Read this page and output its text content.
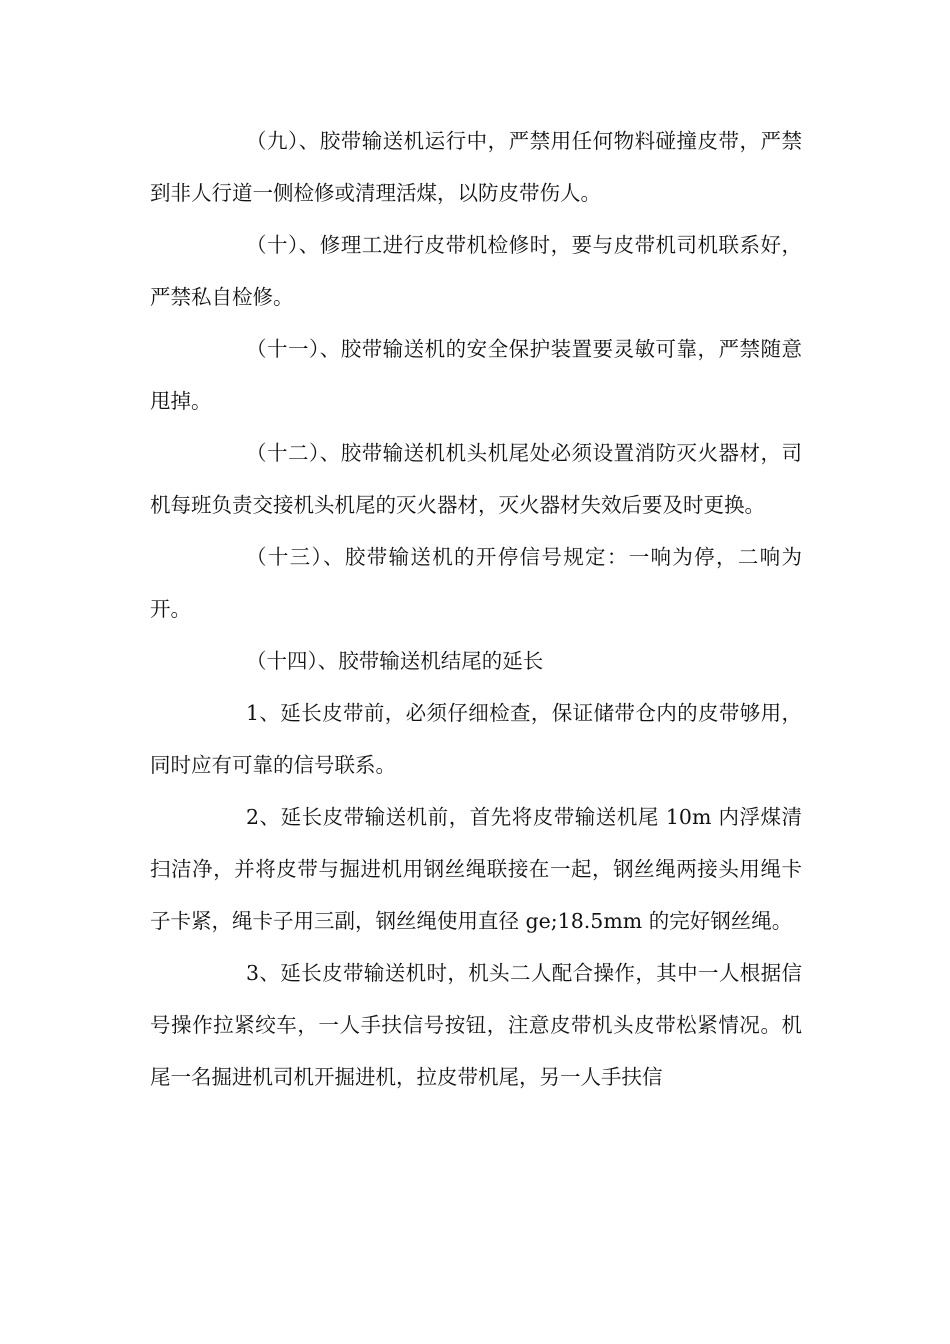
（九）、胶带输送机运行中，严禁用任何物料碰撞皮带，严禁到非人行道一侧检修或清理活煤，以防皮带伤人。

（十）、修理工进行皮带机检修时，要与皮带机司机联系好，严禁私自检修。

（十一）、胶带输送机的安全保护装置要灵敏可靠，严禁随意甩掉。

（十二）、胶带输送机机头机尾处必须设置消防灭火器材，司机每班负责交接机头机尾的灭火器材，灭火器材失效后要及时更换。

（十三）、胶带输送机的开停信号规定：一响为停，二响为开。

（十四）、胶带输送机结尾的延长

1、延长皮带前，必须仔细检查，保证储带仓内的皮带够用，同时应有可靠的信号联系。

2、延长皮带输送机前，首先将皮带输送机尾 10m 内浮煤清扫洁净，并将皮带与掘进机用钢丝绳联接在一起，钢丝绳两接头用绳卡子卡紧，绳卡子用三副，钢丝绳使用直径 ge;18.5mm 的完好钢丝绳。

3、延长皮带输送机时，机头二人配合操作，其中一人根据信号操作拉紧绞车，一人手扶信号按钮，注意皮带机头皮带松紧情况。机尾一名掘进机司机开掘进机，拉皮带机尾，另一人手扶信
